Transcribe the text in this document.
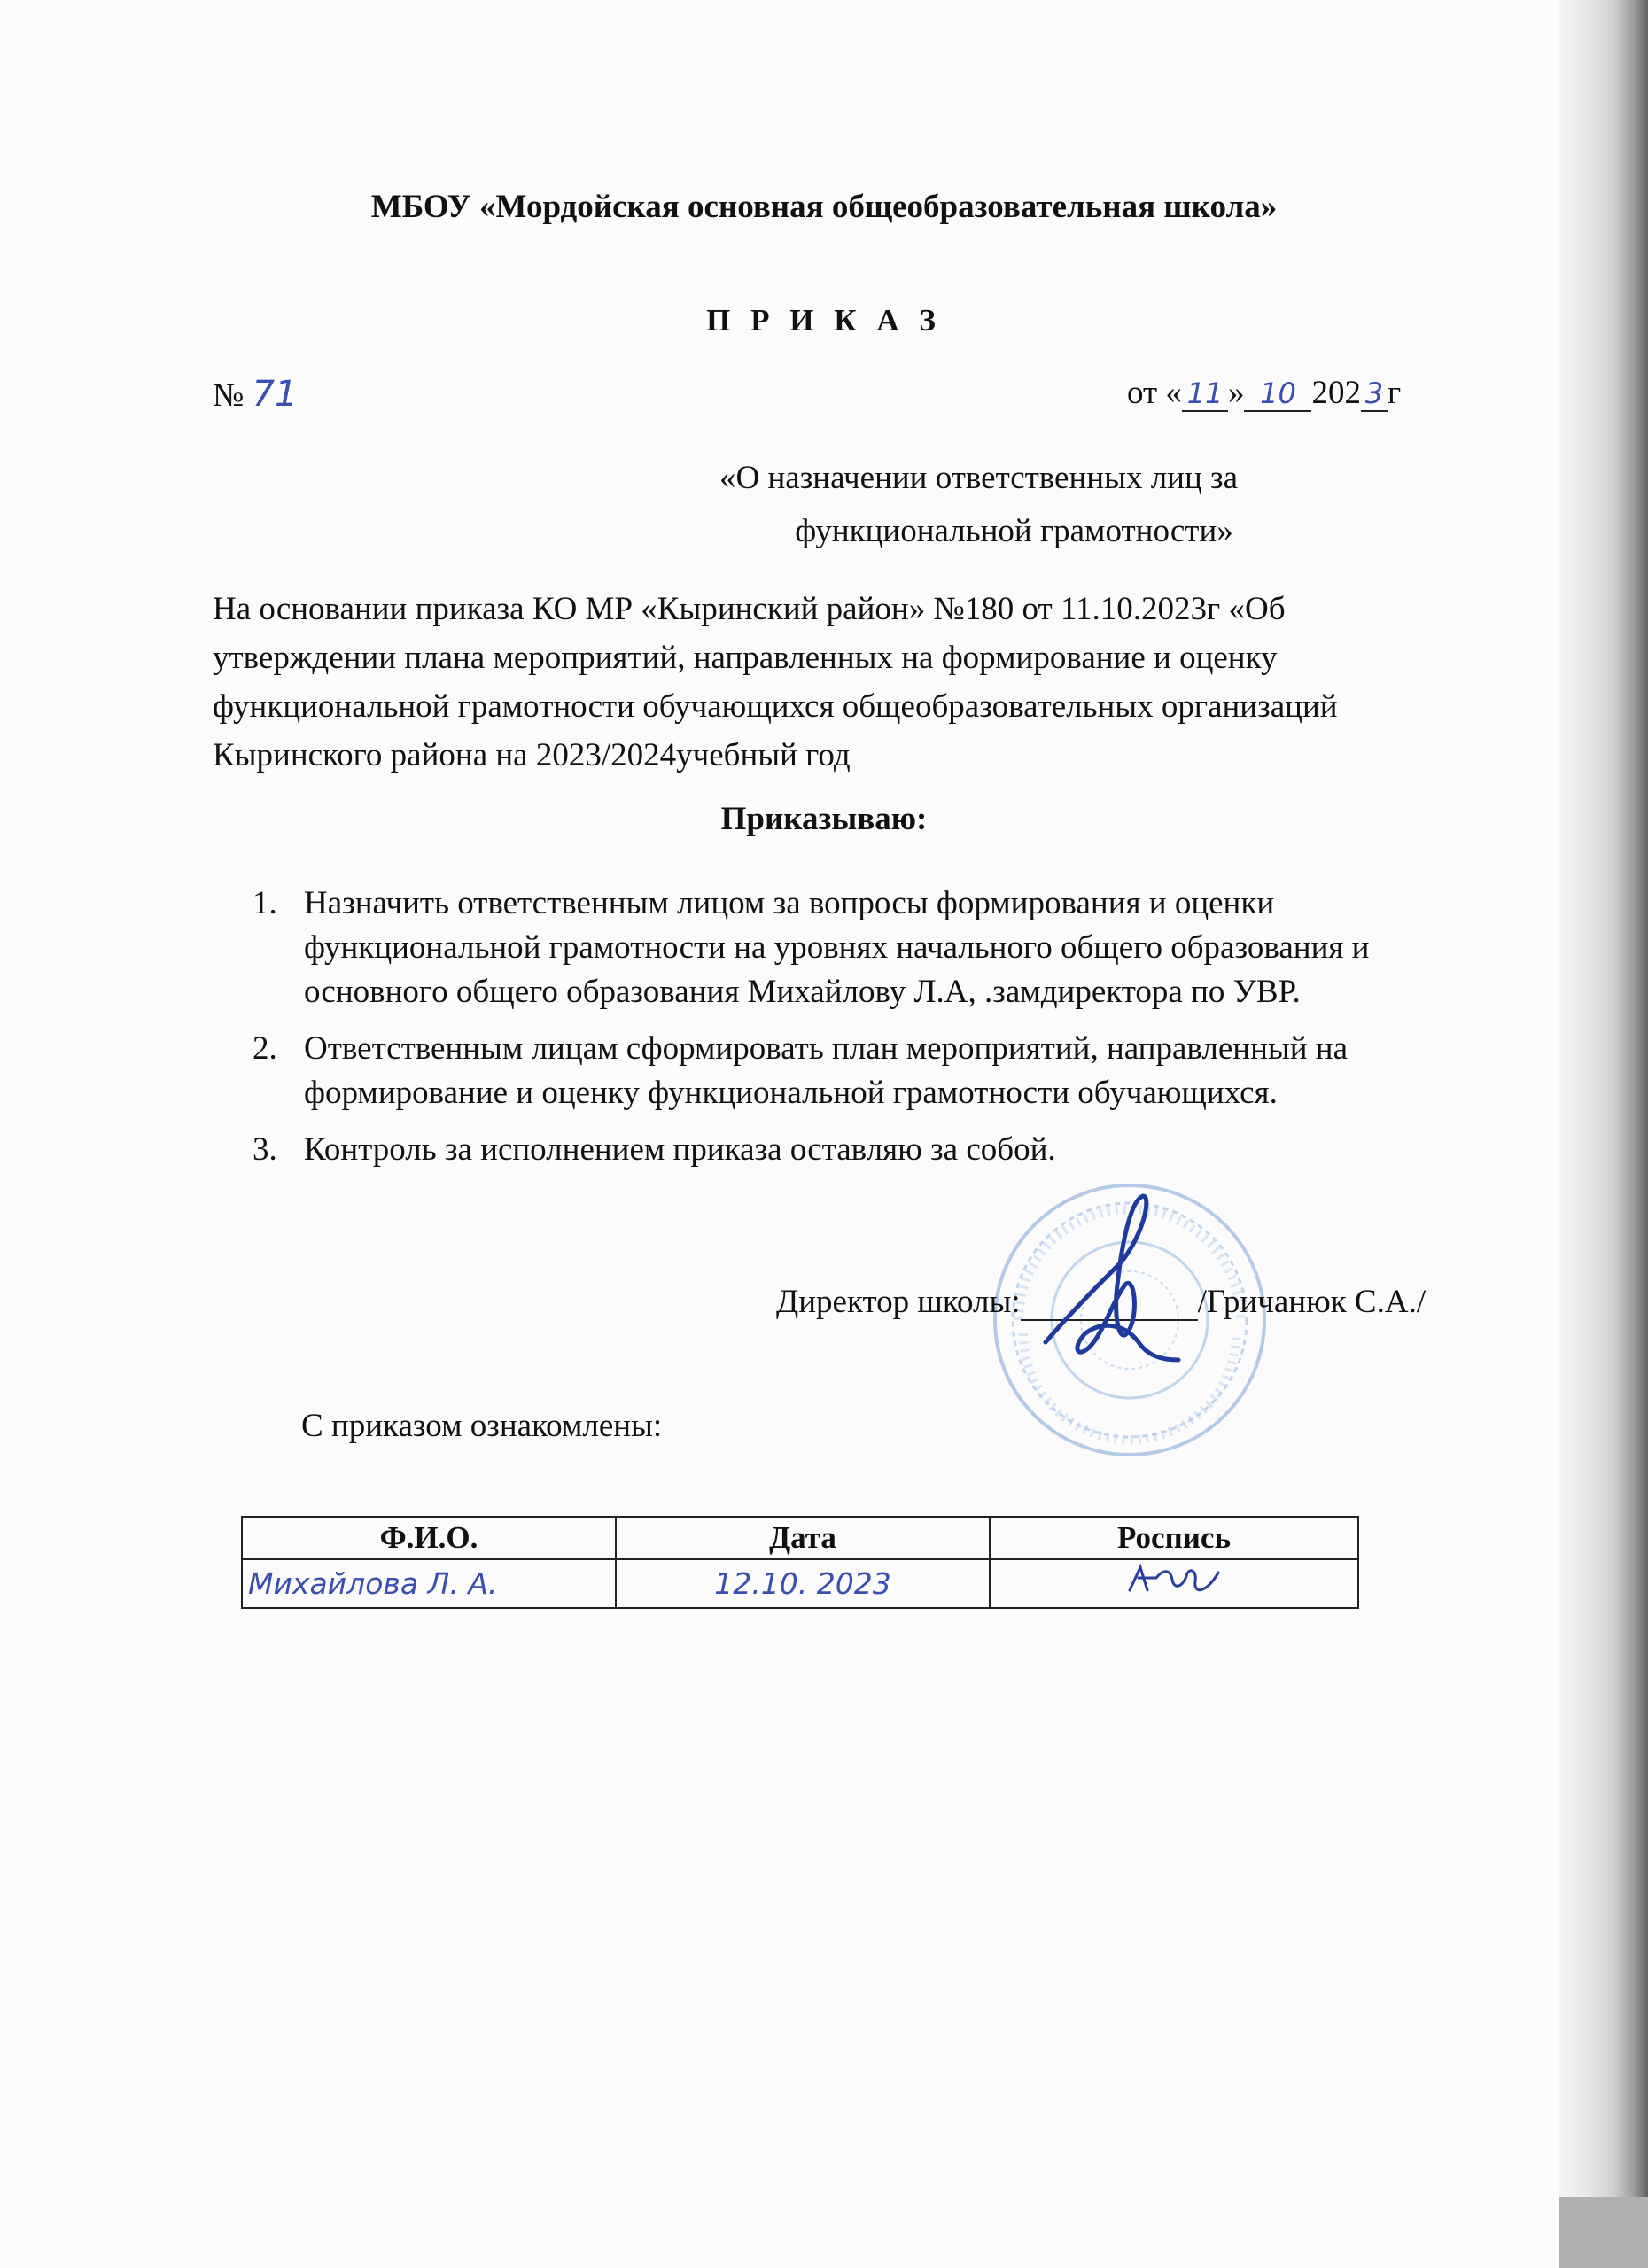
МБОУ «Мордойская основная общеобразовательная школа»
П Р И К А З
№ 71	от « 11 » 10 202 3 г
«О назначении ответственных лиц за
функциональной грамотности»
На основании приказа КО МР «Кыринский район» №180 от 11.10.2023г «Об утверждении плана мероприятий, направленных на формирование и оценку функциональной грамотности обучающихся общеобразовательных организаций Кыринского района на 2023/2024учебный год
Приказываю:
1. Назначить ответственным лицом за вопросы формирования и оценки функциональной грамотности на уровнях начального общего образования и основного общего образования Михайлову Л.А, .замдиректора по УВР.
2. Ответственным лицам сформировать план мероприятий, направленный на формирование и оценку функциональной грамотности обучающихся.
3. Контроль за исполнением приказа оставляю за собой.
Директор школы:	/Гричанюк С.А./
С приказом ознакомлены:
Ф.И.О.	Дата	Роспись
Михайлова Л. А.	12.10. 2023	
